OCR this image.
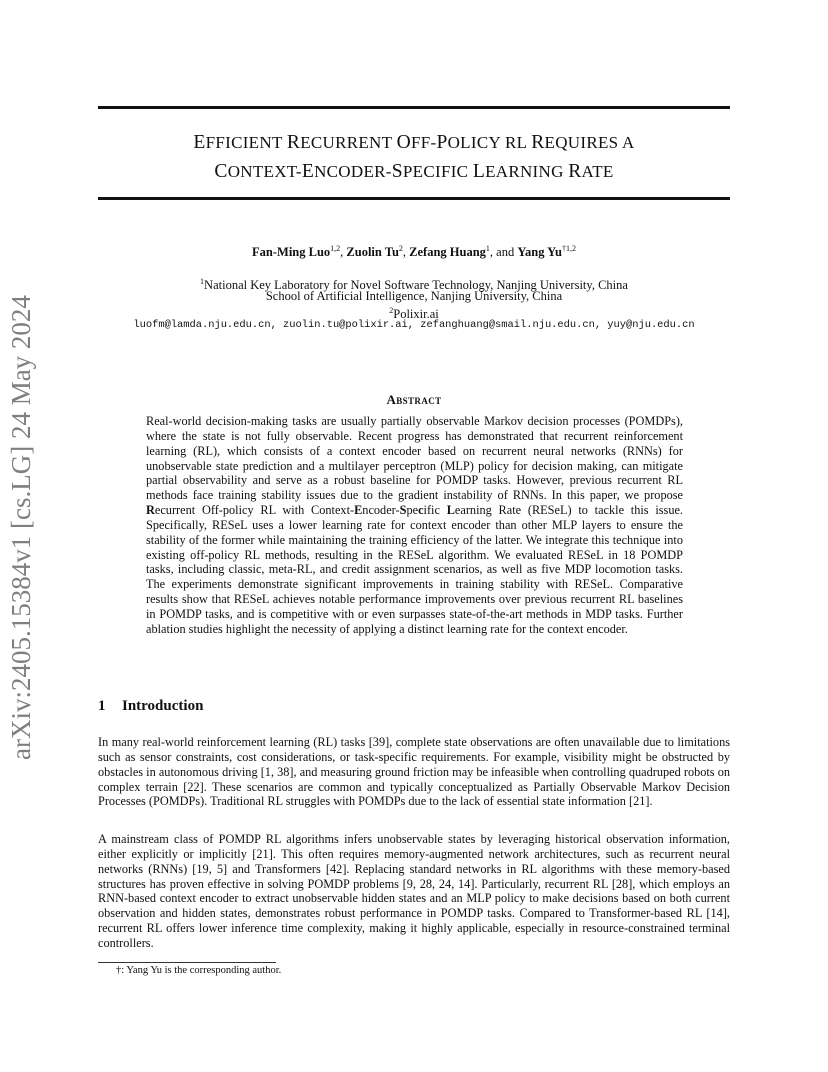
arXiv:2405.15384v1 [cs.LG] 24 May 2024
EFFICIENT RECURRENT OFF-POLICY RL REQUIRES A
CONTEXT-ENCODER-SPECIFIC LEARNING RATE
Fan-Ming Luo$^{1,2}$, Zuolin Tu$^2$, Zefang Huang$^1$, and Yang Yu$^{\dagger 1,2}$
$^1$National Key Laboratory for Novel Software Technology, Nanjing University, China
School of Artificial Intelligence, Nanjing University, China
$^2$Polixir.ai
luofm@lamda.nju.edu.cn, zuolin.tu@polixir.ai, zefanghuang@smail.nju.edu.cn, yuy@nju.edu.cn
Abstract
Real-world decision-making tasks are usually partially observable Markov decision processes (POMDPs), where the state is not fully observable. Recent progress has demonstrated that recurrent reinforcement learning (RL), which consists of a context encoder based on recurrent neural networks (RNNs) for unobservable state prediction and a multilayer perceptron (MLP) policy for decision making, can mitigate partial observability and serve as a robust baseline for POMDP tasks. However, previous recurrent RL methods face training stability issues due to the gradient instability of RNNs. In this paper, we propose Recurrent Off-policy RL with Context-Encoder-Specific Learning Rate (RESeL) to tackle this issue. Specifically, RESeL uses a lower learning rate for context encoder than other MLP layers to ensure the stability of the former while maintaining the training efficiency of the latter. We integrate this technique into existing off-policy RL methods, resulting in the RESeL algorithm. We evaluated RESeL in 18 POMDP tasks, including classic, meta-RL, and credit assignment scenarios, as well as five MDP locomotion tasks. The experiments demonstrate significant improvements in training stability with RESeL. Comparative results show that RESeL achieves notable performance improvements over previous recurrent RL baselines in POMDP tasks, and is competitive with or even surpasses state-of-the-art methods in MDP tasks. Further ablation studies highlight the necessity of applying a distinct learning rate for the context encoder.
1 Introduction
In many real-world reinforcement learning (RL) tasks [39], complete state observations are often unavailable due to limitations such as sensor constraints, cost considerations, or task-specific requirements. For example, visibility might be obstructed by obstacles in autonomous driving [1, 38], and measuring ground friction may be infeasible when controlling quadruped robots on complex terrain [22]. These scenarios are common and typically conceptualized as Partially Observable Markov Decision Processes (POMDPs). Traditional RL struggles with POMDPs due to the lack of essential state information [21].
A mainstream class of POMDP RL algorithms infers unobservable states by leveraging historical observation information, either explicitly or implicitly [21]. This often requires memory-augmented network architectures, such as recurrent neural networks (RNNs) [19, 5] and Transformers [42]. Replacing standard networks in RL algorithms with these memory-based structures has proven effective in solving POMDP problems [9, 28, 24, 14]. Particularly, recurrent RL [28], which employs an RNN-based context encoder to extract unobservable hidden states and an MLP policy to make decisions based on both current observation and hidden states, demonstrates robust performance in POMDP tasks. Compared to Transformer-based RL [14], recurrent RL offers lower inference time complexity, making it highly applicable, especially in resource-constrained terminal controllers.
†: Yang Yu is the corresponding author.
